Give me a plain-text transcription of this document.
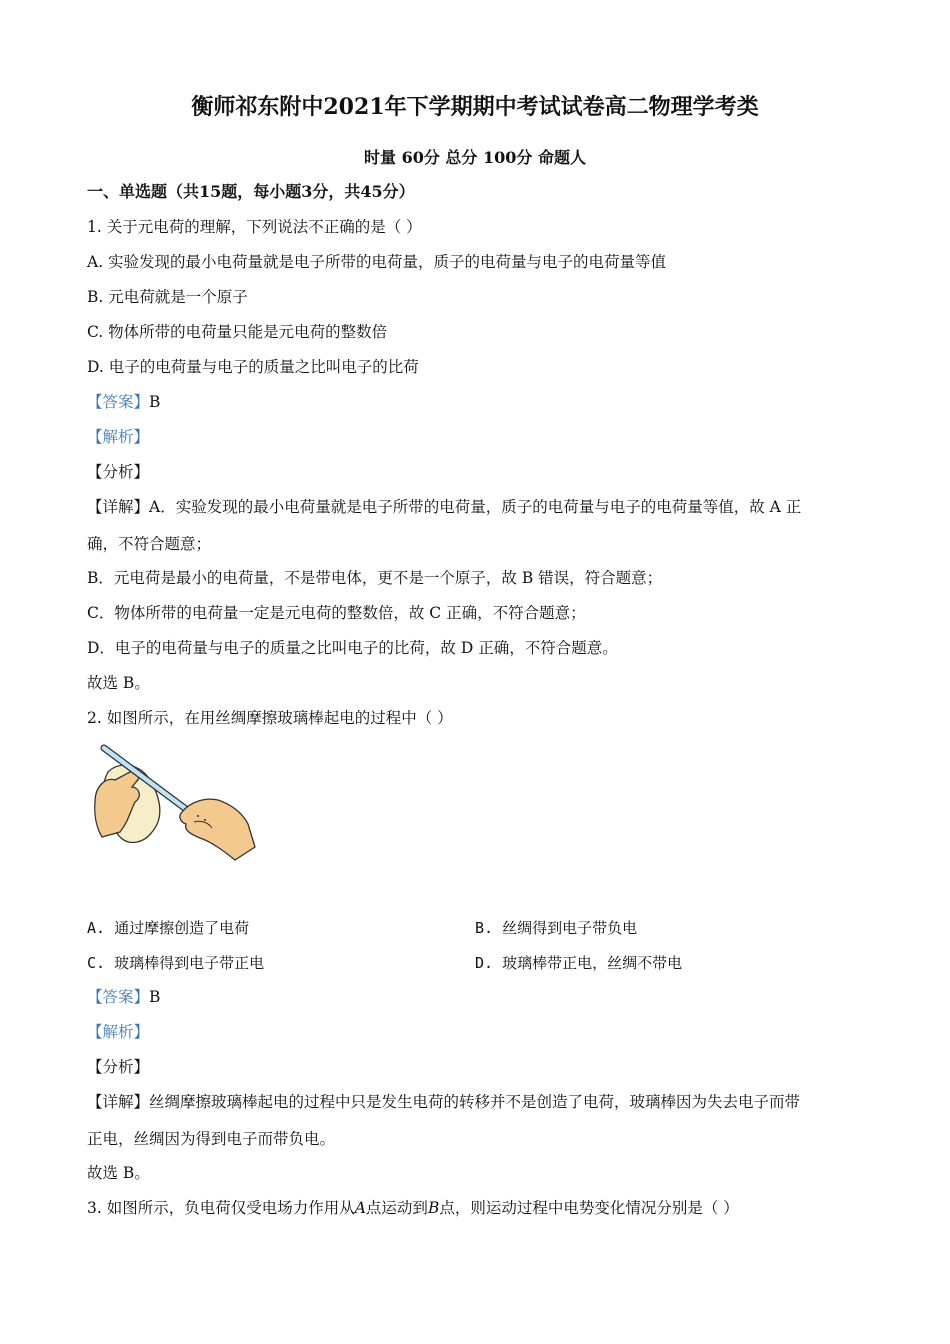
衡师祁东附中2021年下学期期中考试试卷高二物理学考类
时量 60分 总分 100分 命题人
一、单选题（共15题，每小题3分，共45分）
1. 关于元电荷的理解，下列说法不正确的是（ ）
A. 实验发现的最小电荷量就是电子所带的电荷量，质子的电荷量与电子的电荷量等值
B. 元电荷就是一个原子
C. 物体所带的电荷量只能是元电荷的整数倍
D. 电子的电荷量与电子的质量之比叫电子的比荷
【答案】B
【解析】
【分析】
【详解】A．实验发现的最小电荷量就是电子所带的电荷量，质子的电荷量与电子的电荷量等值，故 A 正
确，不符合题意；
B．元电荷是最小的电荷量，不是带电体，更不是一个原子，故 B 错误，符合题意；
C．物体所带的电荷量一定是元电荷的整数倍，故 C 正确，不符合题意；
D．电子的电荷量与电子的质量之比叫电子的比荷，故 D 正确，不符合题意。
故选 B。
2. 如图所示，在用丝绸摩擦玻璃棒起电的过程中（ ）
A. 通过摩擦创造了电荷	B. 丝绸得到电子带负电
C. 玻璃棒得到电子带正电	D. 玻璃棒带正电，丝绸不带电
【答案】B
【解析】
【分析】
【详解】丝绸摩擦玻璃棒起电的过程中只是发生电荷的转移并不是创造了电荷，玻璃棒因为失去电子而带
正电，丝绸因为得到电子而带负电。
故选 B。
3. 如图所示，负电荷仅受电场力作用从A点运动到B点，则运动过程中电势变化情况分别是（ ）
